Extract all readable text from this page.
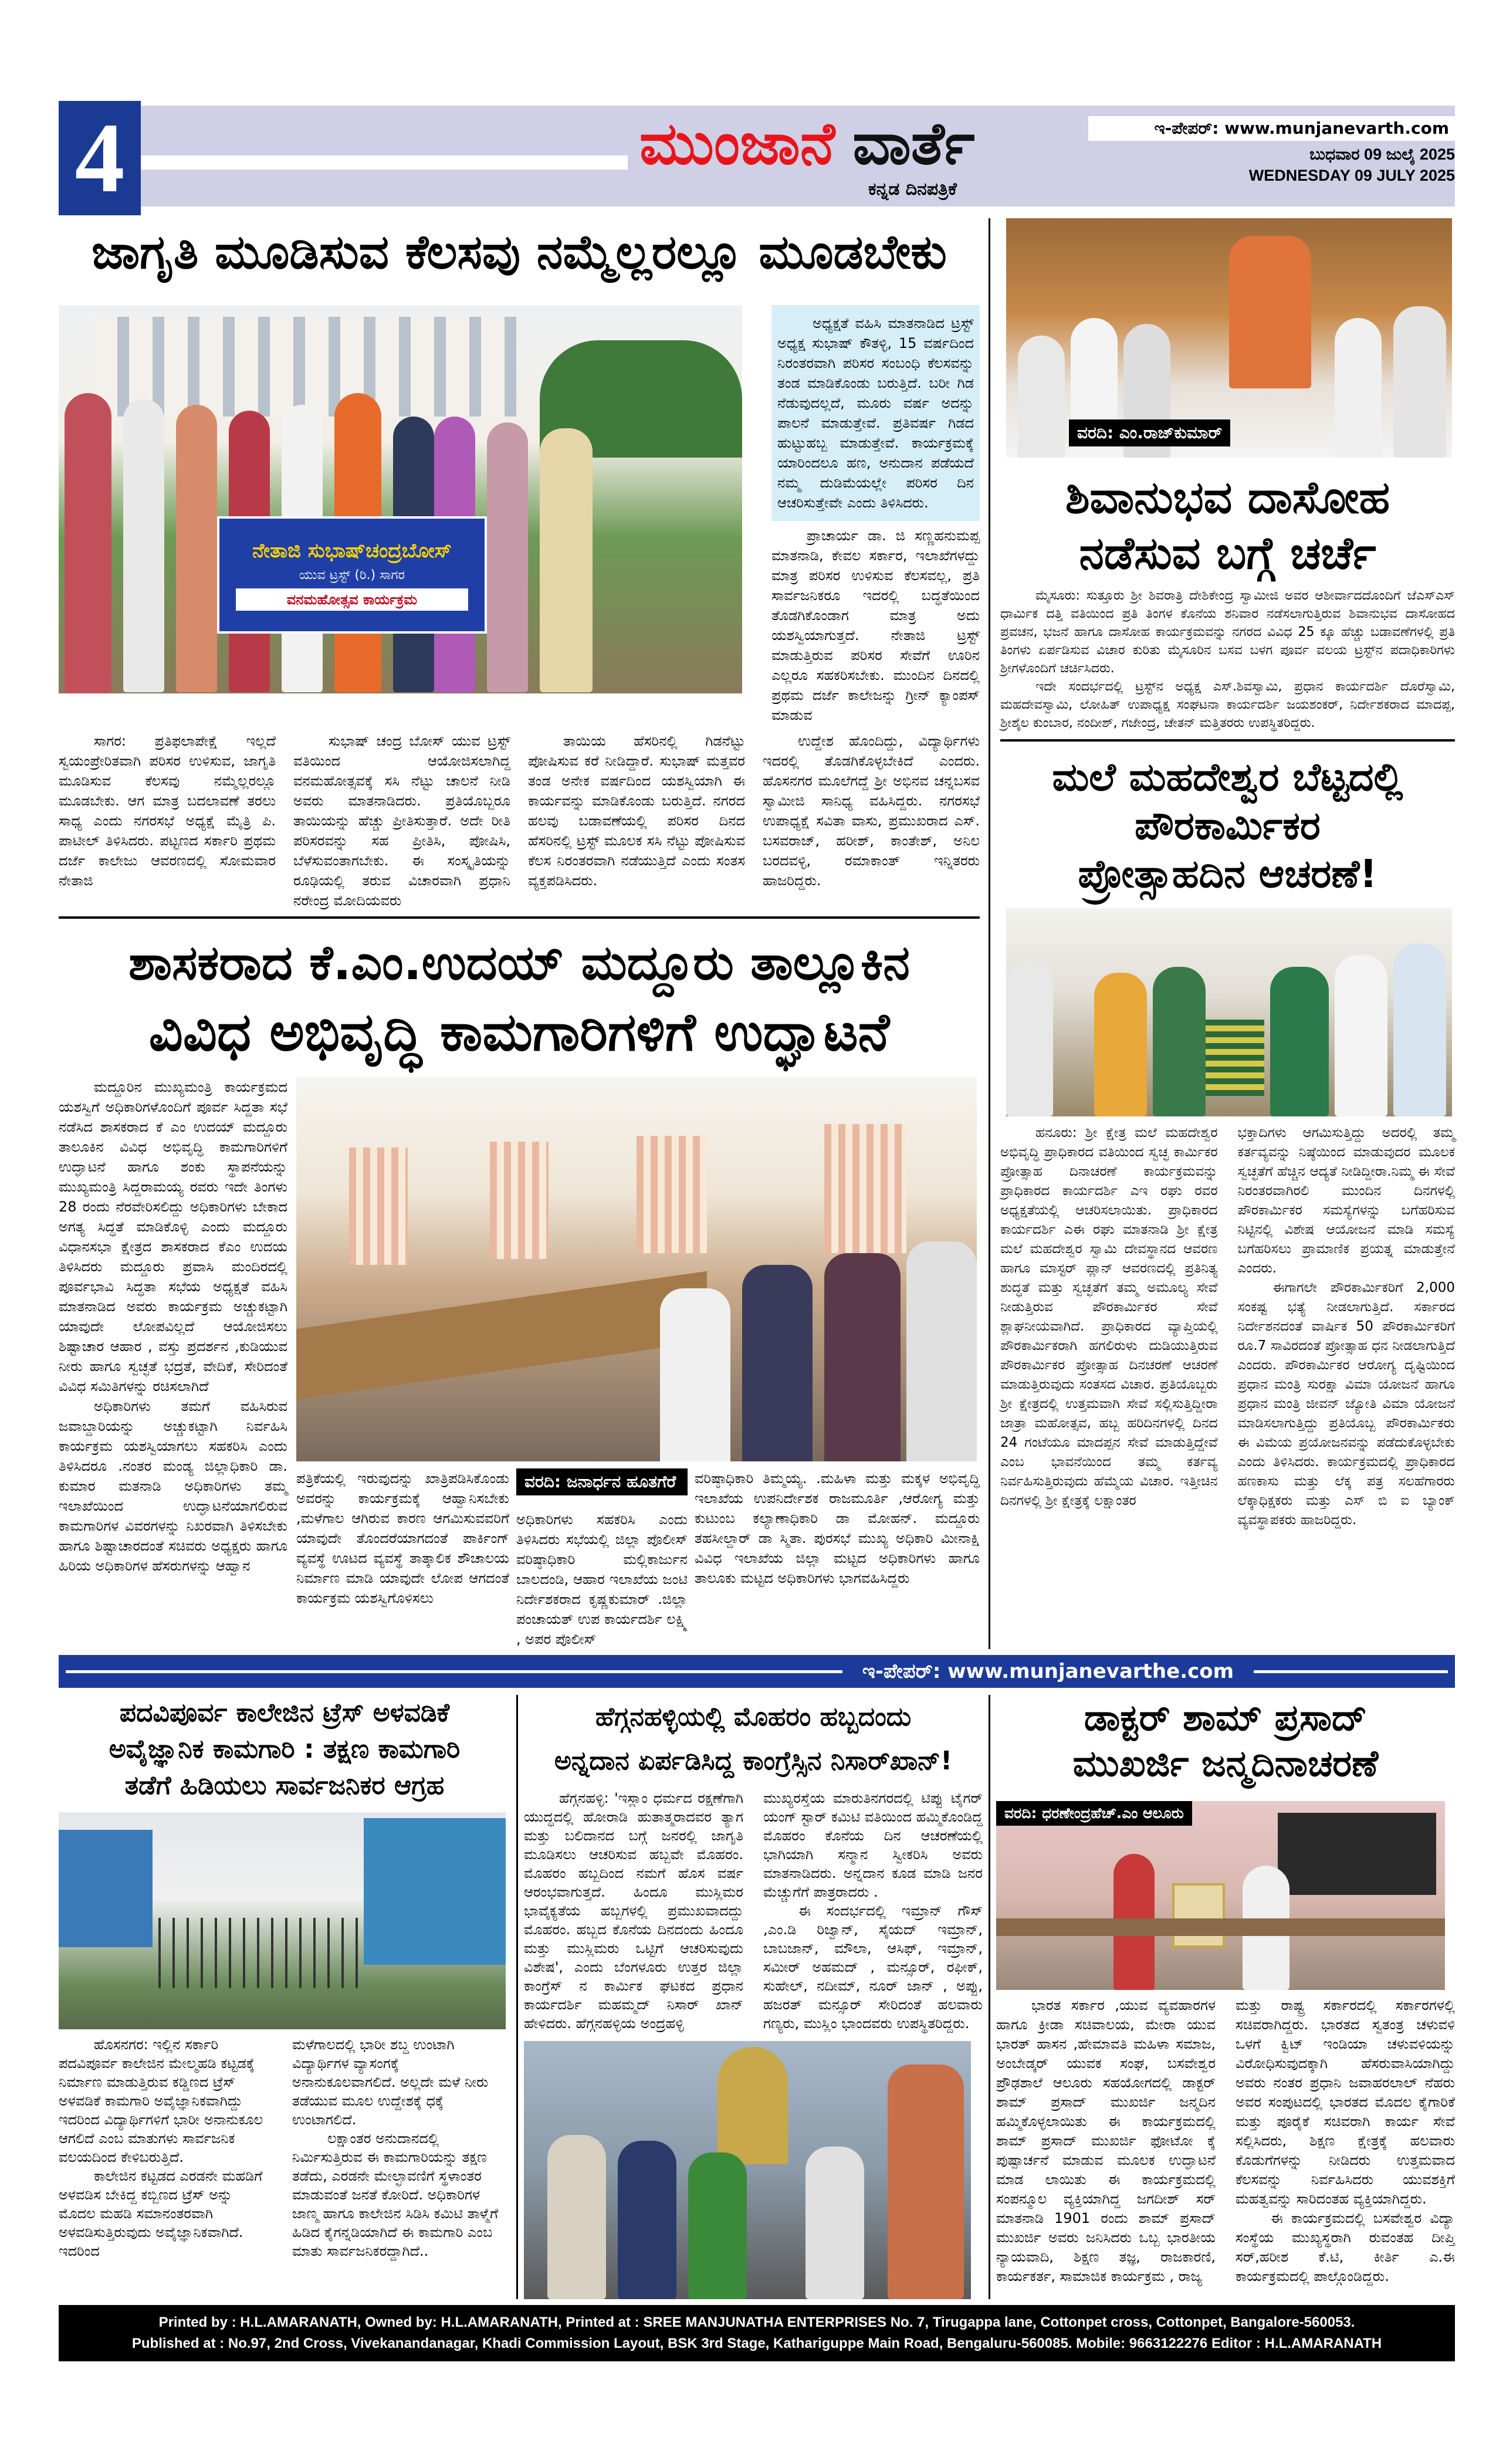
4	ಮುಂಜಾನೆ ವಾರ್ತೆ
ಕನ್ನಡ ದಿನಪತ್ರಿಕೆ
ಇ-ಪೇಪರ್: www.munjanevarth.com
ಬುಧವಾರ 09 ಜುಲೈ 2025
WEDNESDAY 09 JULY 2025
ಜಾಗೃತಿ ಮೂಡಿಸುವ ಕೆಲಸವು ನಮ್ಮೆಲ್ಲರಲ್ಲೂ ಮೂಡಬೇಕು
ನೇತಾಜಿ ಸುಭಾಷ್‌ಚಂದ್ರಬೋಸ್
ಯುವ ಟ್ರಸ್ಟ್ (ರಿ.) ಸಾಗರ
ವನಮಹೋತ್ಸವ ಕಾರ್ಯಕ್ರಮ

ಅಧ್ಯಕ್ಷತೆ ವಹಿಸಿ ಮಾತನಾಡಿದ ಟ್ರಸ್ಟ್ ಅಧ್ಯಕ್ಷ ಸುಭಾಷ್ ಕೌತಳ್ಳಿ, 15 ವರ್ಷದಿಂದ ನಿರಂತರವಾಗಿ ಪರಿಸರ ಸಂಬಂಧಿ ಕೆಲಸವನ್ನು ತಂಡ ಮಾಡಿಕೊಂಡು ಬರುತ್ತಿದೆ. ಬರೀ ಗಿಡ ನೆಡುವುದಲ್ಲದೆ, ಮೂರು ವರ್ಷ ಅದನ್ನು ಪಾಲನೆ ಮಾಡುತ್ತೇವೆ. ಪ್ರತಿವರ್ಷ ಗಿಡದ ಹುಟ್ಟುಹಬ್ಬ ಮಾಡುತ್ತೇವೆ. ಕಾರ್ಯಕ್ರಮಕ್ಕೆ ಯಾರಿಂದಲೂ ಹಣ, ಅನುದಾನ ಪಡೆಯದೆ ನಮ್ಮ ದುಡಿಮೆಯಲ್ಲೇ ಪರಿಸರ ದಿನ ಆಚರಿಸುತ್ತೇವೇ ಎಂದು ತಿಳಿಸಿದರು.

ಪ್ರಾಚಾರ್ಯ ಡಾ. ಜಿ ಸಣ್ಣಹನುಮಪ್ಪ ಮಾತನಾಡಿ, ಕೇವಲ ಸರ್ಕಾರ, ಇಲಾಖೆಗಳದ್ದು ಮಾತ್ರ ಪರಿಸರ ಉಳಿಸುವ ಕೆಲಸವಲ್ಲ, ಪ್ರತಿ ಸಾರ್ವಜನಿಕರೂ ಇದರಲ್ಲಿ ಬದ್ಧತೆಯಿಂದ ತೊಡಗಿಕೊಂಡಾಗ ಮಾತ್ರ ಅದು ಯಶಸ್ವಿಯಾಗುತ್ತದೆ. ನೇತಾಜಿ ಟ್ರಸ್ಟ್ ಮಾಡುತ್ತಿರುವ ಪರಿಸರ ಸೇವೆಗೆ ಊರಿನ ಎಲ್ಲರೂ ಸಹಕರಿಸಬೇಕು. ಮುಂದಿನ ದಿನದಲ್ಲಿ ಪ್ರಥಮ ದರ್ಜೆ ಕಾಲೇಜನ್ನು ಗ್ರೀನ್ ಕ್ಯಾಂಪಸ್ ಮಾಡುವ

ಸಾಗರ: ಪ್ರತಿಫಲಾಪೇಕ್ಷೆ ಇಲ್ಲದೆ ಸ್ವಯಂಪ್ರೇರಿತವಾಗಿ ಪರಿಸರ ಉಳಿಸುವ, ಜಾಗೃತಿ ಮೂಡಿಸುವ ಕೆಲಸವು ನಮ್ಮೆಲ್ಲರಲ್ಲೂ ಮೂಡಬೇಕು. ಆಗ ಮಾತ್ರ ಬದಲಾವಣೆ ತರಲು ಸಾಧ್ಯ ಎಂದು ನಗರಸಭೆ ಅಧ್ಯಕ್ಷೆ ಮೈತ್ರಿ ಪಿ. ಪಾಟೀಲ್ ತಿಳಿಸಿದರು. ಪಟ್ಟಣದ ಸರ್ಕಾರಿ ಪ್ರಥಮ ದರ್ಜೆ ಕಾಲೇಜು ಆವರಣದಲ್ಲಿ ಸೋಮವಾರ ನೇತಾಜಿ

ಸುಭಾಷ್ ಚಂದ್ರ ಬೋಸ್ ಯುವ ಟ್ರಸ್ಟ್ ವತಿಯಿಂದ ಆಯೋಜಿಸಲಾಗಿದ್ದ ವನಮಹೋತ್ಸವಕ್ಕೆ ಸಸಿ ನೆಟ್ಟು ಚಾಲನೆ ನೀಡಿ ಅವರು ಮಾತನಾಡಿದರು. ಪ್ರತಿಯೊಬ್ಬರೂ ತಾಯಿಯನ್ನು ಹೆಚ್ಚು ಪ್ರೀತಿಸುತ್ತಾರೆ. ಅದೇ ರೀತಿ ಪರಿಸರವನ್ನು ಸಹ ಪ್ರೀತಿಸಿ, ಪೋಷಿಸಿ, ಬೆಳೆಸುವಂತಾಗಬೇಕು. ಈ ಸಂಸ್ಕೃತಿಯನ್ನು ರೂಢಿಯಲ್ಲಿ ತರುವ ವಿಚಾರವಾಗಿ ಪ್ರಧಾನಿ ನರೇಂದ್ರ ಮೋದಿಯವರು

ತಾಯಿಯ ಹೆಸರಿನಲ್ಲಿ ಗಿಡನೆಟ್ಟು ಪೋಷಿಸುವ ಕರೆ ನೀಡಿದ್ದಾರೆ. ಸುಭಾಷ್ ಮತ್ತವರ ತಂಡ ಅನೇಕ ವರ್ಷದಿಂದ ಯಶಸ್ವಿಯಾಗಿ ಈ ಕಾರ್ಯವನ್ನು ಮಾಡಿಕೊಂಡು ಬರುತ್ತಿದೆ. ನಗರದ ಹಲವು ಬಡಾವಣೆಯಲ್ಲಿ ಪರಿಸರ ದಿನದ ಹೆಸರಿನಲ್ಲಿ ಟ್ರಸ್ಟ್ ಮೂಲಕ ಸಸಿ ನೆಟ್ಟು ಪೋಷಿಸುವ ಕೆಲಸ ನಿರಂತರವಾಗಿ ನಡೆಯುತ್ತಿದೆ ಎಂದು ಸಂತಸ ವ್ಯಕ್ತಪಡಿಸಿದರು.

ಉದ್ದೇಶ ಹೊಂದಿದ್ದು, ವಿದ್ಯಾರ್ಥಿಗಳು ಇದರಲ್ಲಿ ತೊಡಗಿಕೊಳ್ಳಬೇಕಿದೆ ಎಂದರು. ಹೊಸನಗರ ಮೂಲೆಗದ್ದೆ ಶ್ರೀ ಅಭಿನವ ಚನ್ನಬಸವ ಸ್ವಾಮೀಜಿ ಸಾನಿಧ್ಯ ವಹಿಸಿದ್ದರು. ನಗರಸಭೆ ಉಪಾಧ್ಯಕ್ಷೆ ಸವಿತಾ ವಾಸು, ಪ್ರಮುಖರಾದ ಎಸ್. ಬಸವರಾಜ್, ಹರೀಶ್, ಕಾಂತೇಶ್, ಅನಿಲ ಬರದವಳ್ಳಿ, ರಮಾಕಾಂತ್ ಇನ್ನಿತರರು ಹಾಜರಿದ್ದರು.

ಶಾಸಕರಾದ ಕೆ.ಎಂ.ಉದಯ್ ಮದ್ದೂರು ತಾಲ್ಲೂಕಿನ
ವಿವಿಧ ಅಭಿವೃದ್ಧಿ ಕಾಮಗಾರಿಗಳಿಗೆ ಉದ್ಘಾಟನೆ

ಮದ್ದೂರಿನ ಮುಖ್ಯಮಂತ್ರಿ ಕಾರ್ಯಕ್ರಮದ ಯಶಸ್ವಿಗೆ ಅಧಿಕಾರಿಗಳೊಂದಿಗೆ ಪೂರ್ವ ಸಿದ್ದತಾ ಸಭೆ ನಡೆಸಿದ ಶಾಸಕರಾದ ಕೆ ಎಂ ಉದಯ್ ಮದ್ದೂರು ತಾಲೂಕಿನ ವಿವಿಧ ಅಭಿವೃದ್ಧಿ ಕಾಮಗಾರಿಗಳಿಗೆ ಉದ್ಘಾಟನೆ ಹಾಗೂ ಶಂಕು ಸ್ಥಾಪನೆಯನ್ನು ಮುಖ್ಯಮಂತ್ರಿ ಸಿದ್ದರಾಮಯ್ಯ ರವರು ಇದೇ ತಿಂಗಳು 28 ರಂದು ನೆರವೇರಿಸಲಿದ್ದು ಅಧಿಕಾರಿಗಳು ಬೇಕಾದ ಅಗತ್ಯ ಸಿದ್ಧತೆ ಮಾಡಿಕೊಳ್ಳಿ ಎಂದು ಮದ್ದೂರು ವಿಧಾನಸಭಾ ಕ್ಷೇತ್ರದ ಶಾಸಕರಾದ ಕೆಎಂ ಉದಯ ತಿಳಿಸಿದರು ಮದ್ದೂರು ಪ್ರವಾಸಿ ಮಂದಿರದಲ್ಲಿ ಪೂರ್ವಭಾವಿ ಸಿದ್ಧತಾ ಸಭೆಯ ಅಧ್ಯಕ್ಷತೆ ವಹಿಸಿ ಮಾತನಾಡಿದ ಅವರು ಕಾರ್ಯಕ್ರಮ ಅಚ್ಚುಕಟ್ಟಾಗಿ ಯಾವುದೇ ಲೋಪವಿಲ್ಲದೆ ಆಯೋಜಿಸಲು ಶಿಷ್ಟಾಚಾರ ಆಹಾರ , ವಸ್ತು ಪ್ರದರ್ಶನ ,ಕುಡಿಯುವ ನೀರು ಹಾಗೂ ಸ್ವಚ್ಛತೆ ಭದ್ರತೆ, ವೇದಿಕೆ, ಸೇರಿದಂತೆ ವಿವಿಧ ಸಮಿತಿಗಳನ್ನು ರಚಿಸಲಾಗಿದೆ

ಅಧಿಕಾರಿಗಳು ತಮಗೆ ವಹಿಸಿರುವ ಜವಾಬ್ದಾರಿಯನ್ನು ಅಚ್ಚುಕಟ್ಟಾಗಿ ನಿರ್ವಹಿಸಿ ಕಾರ್ಯಕ್ರಮ ಯಶಸ್ವಿಯಾಗಲು ಸಹಕರಿಸಿ ಎಂದು ತಿಳಿಸಿದರೂ .ನಂತರ ಮಂಡ್ಯ ಜಿಲ್ಲಾಧಿಕಾರಿ ಡಾ. ಕುಮಾರ ಮತನಾಡಿ ಅಧಿಕಾರಿಗಳು ತಮ್ಮ ಇಲಾಖೆಯಿಂದ ಉದ್ಘಾಟನೆಯಾಗಲಿರುವ ಕಾಮಗಾರಿಗಳ ವಿವರಗಳನ್ನು ನಿಖರವಾಗಿ ತಿಳಿಸಬೇಕು ಹಾಗೂ ಶಿಷ್ಟಾಚಾರದಂತೆ ಸಚಿವರು ಅಧ್ಯಕ್ಷರು ಹಾಗೂ ಹಿರಿಯ ಅಧಿಕಾರಿಗಳ ಹೆಸರುಗಳನ್ನು ಆಹ್ವಾನ

ಪತ್ರಿಕೆಯಲ್ಲಿ ಇರುವುದನ್ನು ಖಾತ್ರಿಪಡಿಸಿಕೊಂಡು ಅವರನ್ನು ಕಾರ್ಯಕ್ರಮಕ್ಕೆ ಆಹ್ವಾನಿಸಬೇಕು ,ಮಳೆಗಾಲ ಆಗಿರುವ ಕಾರಣ ಆಗಮಿಸುವವರಿಗೆ ಯಾವುದೇ ತೊಂದರೆಯಾಗದಂತೆ ಪಾರ್ಕಿಂಗ್ ವ್ಯವಸ್ಥೆ ಊಟದ ವ್ಯವಸ್ಥೆ ತಾತ್ಕಾಲಿಕ ಶೌಚಾಲಯ ನಿರ್ಮಾಣ ಮಾಡಿ ಯಾವುದೇ ಲೋಪ ಆಗದಂತೆ ಕಾರ್ಯಕ್ರಮ ಯಶಸ್ವಿಗೊಳಿಸಲು

ವರದಿ: ಜನಾರ್ಧನ ಹೂತಗೆರೆ

ಅಧಿಕಾರಿಗಳು ಸಹಕರಿಸಿ ಎಂದು ತಿಳಿಸಿದರು ಸಭೆಯಲ್ಲಿ ಜಿಲ್ಲಾ ಪೊಲೀಸ್ ವರಿಷ್ಠಾಧಿಕಾರಿ ಮಲ್ಲಿಕಾರ್ಜುನ ಬಾಲದಂಡಿ, ಆಹಾರ ಇಲಾಖೆಯ ಜಂಟಿ ನಿರ್ದೇಶಕರಾದ ಕೃಷ್ಣಕುಮಾರ್ .ಜಿಲ್ಲಾ ಪಂಚಾಯತ್ ಉಪ ಕಾರ್ಯದರ್ಶಿ ಲಕ್ಷ್ಮಿ , ಅಪರ ಪೊಲೀಸ್

ವರಿಷ್ಠಾಧಿಕಾರಿ ತಿಮ್ಮಯ್ಯ. .ಮಹಿಳಾ ಮತ್ತು ಮಕ್ಕಳ ಅಭಿವೃದ್ಧಿ ಇಲಾಖೆಯ ಉಪನಿರ್ದೇಶಕ ರಾಜಮೂರ್ತಿ ,ಆರೋಗ್ಯ ಮತ್ತು ಕುಟುಂಬ ಕಲ್ಯಾಣಾಧಿಕಾರಿ ಡಾ ಮೋಹನ್. ಮದ್ದೂರು ತಹಸೀಲ್ದಾರ್ ಡಾ ಸ್ಮಿತಾ. ಪುರಸಭೆ ಮುಖ್ಯ ಅಧಿಕಾರಿ ಮೀನಾಕ್ಷಿ ವಿವಿಧ ಇಲಾಖೆಯ ಜಿಲ್ಲಾ ಮಟ್ಟದ ಅಧಿಕಾರಿಗಳು ಹಾಗೂ ತಾಲೂಕು ಮಟ್ಟದ ಅಧಿಕಾರಿಗಳು ಭಾಗವಹಿಸಿದ್ದರು

ವರದಿ: ಎಂ.ರಾಜ್‌ಕುಮಾರ್
ಶಿವಾನುಭವ ದಾಸೋಹ
ನಡೆಸುವ ಬಗ್ಗೆ ಚರ್ಚೆ

ಮೈಸೂರು: ಸುತ್ತೂರು ಶ್ರೀ ಶಿವರಾತ್ರಿ ದೇಶಿಕೇಂದ್ರ ಸ್ವಾಮೀಜಿ ಅವರ ಆಶೀರ್ವಾದದೊಂದಿಗೆ ಜೆಎಸ್‌ಎಸ್ ಧಾರ್ಮಿಕ ದತ್ತಿ ವತಿಯಿಂದ ಪ್ರತಿ ತಿಂಗಳ ಕೊನೆಯ ಶನಿವಾರ ನಡೆಸಲಾಗುತ್ತಿರುವ ಶಿವಾನುಭವ ದಾಸೋಹದ ಪ್ರವಚನ, ಭಜನೆ ಹಾಗೂ ದಾಸೋಹ ಕಾರ್ಯಕ್ರಮವನ್ನು ನಗರದ ವಿವಿಧ 25 ಕ್ಕೂ ಹೆಚ್ಚು ಬಡಾವಣೆಗಳಲ್ಲಿ ಪ್ರತಿ ತಿಂಗಳು ಏರ್ಪಡಿಸುವ ವಿಚಾರ ಕುರಿತು ಮೈಸೂರಿನ ಬಸವ ಬಳಗ ಪೂರ್ವ ವಲಯ ಟ್ರಸ್ಟ್‌ನ ಪದಾಧಿಕಾರಿಗಳು ಶ್ರೀಗಳೊಂದಿಗೆ ಚರ್ಚಿಸಿದರು.

ಇದೇ ಸಂದರ್ಭದಲ್ಲಿ ಟ್ರಸ್ಟ್‌ನ ಅಧ್ಯಕ್ಷ ಎಸ್.ಶಿವಸ್ವಾಮಿ, ಪ್ರಧಾನ ಕಾರ್ಯದರ್ಶಿ ದೊರೆಸ್ವಾಮಿ, ಮಹದೇವಸ್ವಾಮಿ, ಲೋಹಿತ್ ಉಪಾಧ್ಯಕ್ಷ ಸಂಘಟನಾ ಕಾರ್ಯದರ್ಶಿ ಜಯಶಂಕರ್, ನಿರ್ದೇಶಕರಾದ ಮಾದಪ್ಪ, ಶ್ರೀಶೈಲ ಕುಂಬಾರ, ನಂದೀಶ್, ಗಜೇಂದ್ರ, ಚೇತನ್ ಮತ್ತಿತರರು ಉಪಸ್ಥಿತರಿದ್ದರು.

ಮಲೆ ಮಹದೇಶ್ವರ ಬೆಟ್ಟದಲ್ಲಿ
ಪೌರಕಾರ್ಮಿಕರ
ಪ್ರೋತ್ಸಾಹದಿನ ಆಚರಣೆ!

ಹನೂರು: ಶ್ರೀ ಕ್ಷೇತ್ರ ಮಲೆ ಮಹದೇಶ್ವರ ಅಭಿವೃದ್ಧಿ ಪ್ರಾಧಿಕಾರದ ವತಿಯಿಂದ ಸ್ವಚ್ಛ ಕಾರ್ಮಿಕರ ಪ್ರೋತ್ಸಾಹ ದಿನಾಚರಣೆ ಕಾರ್ಯಕ್ರಮವನ್ನು ಪ್ರಾಧಿಕಾರದ ಕಾರ್ಯದರ್ಶಿ ಎಇ ರಘು ರವರ ಅಧ್ಯಕ್ಷತೆಯಲ್ಲಿ ಆಚರಿಸಲಾಯಿತು. ಪ್ರಾಧಿಕಾರದ ಕಾರ್ಯದರ್ಶಿ ಎಈ ರಘು ಮಾತನಾಡಿ ಶ್ರೀ ಕ್ಷೇತ್ರ ಮಲೆ ಮಹದೇಶ್ವರ ಸ್ವಾಮಿ ದೇವಸ್ಥಾನದ ಆವರಣ ಹಾಗೂ ಮಾಸ್ಟರ್ ಪ್ಲಾನ್ ಆವರಣದಲ್ಲಿ ಪ್ರತಿನಿತ್ಯ ಶುದ್ಧತೆ ಮತ್ತು ಸ್ವಚ್ಛತೆಗೆ ತಮ್ಮ ಅಮೂಲ್ಯ ಸೇವೆ ನೀಡುತ್ತಿರುವ ಪೌರಕಾರ್ಮಿಕರ ಸೇವೆ ಶ್ಲಾಘನೀಯವಾಗಿದೆ. ಪ್ರಾಧಿಕಾರದ ವ್ಯಾಪ್ತಿಯಲ್ಲಿ ಪೌರಕಾರ್ಮಿಕರಾಗಿ ಹಗಲಿರುಳು ದುಡಿಯುತ್ತಿರುವ ಪೌರಕಾರ್ಮಿಕರ ಪ್ರೋತ್ಸಾಹ ದಿನಚರಣೆ ಆಚರಣೆ ಮಾಡುತ್ತಿರುವುದು ಸಂತಸದ ವಿಚಾರ. ಪ್ರತಿಯೊಬ್ಬರು ಶ್ರೀ ಕ್ಷೇತ್ರದಲ್ಲಿ ಉತ್ತಮವಾಗಿ ಸೇವೆ ಸಲ್ಲಿಸುತ್ತಿದ್ದೀರಾ ಜಾತ್ರಾ ಮಹೋತ್ಸವ, ಹಬ್ಬ ಹರಿದಿನಗಳಲ್ಲಿ ದಿನದ 24 ಗಂಟೆಯೂ ಮಾದಪ್ಪನ ಸೇವೆ ಮಾಡುತ್ತಿದ್ದೇವೆ ಎಂಬ ಭಾವನೆಯಿಂದ ತಮ್ಮ ಕರ್ತವ್ಯ ನಿರ್ವಹಿಸುತ್ತಿರುವುದು ಹೆಮ್ಮೆಯ ವಿಚಾರ. ಇತ್ತೀಚಿನ ದಿನಗಳಲ್ಲಿ ಶ್ರೀ ಕ್ಷೇತ್ರಕ್ಕೆ ಲಕ್ಷಾಂತರ

ಭಕ್ತಾದಿಗಳು ಆಗಮಿಸುತ್ತಿದ್ದು ಅದರಲ್ಲಿ ತಮ್ಮ ಕರ್ತವ್ಯವನ್ನು ನಿಷ್ಠೆಯಿಂದ ಮಾಡುವುದರ ಮೂಲಕ ಸ್ವಚ್ಛತೆಗೆ ಹೆಚ್ಚಿನ ಆದ್ಯತೆ ನೀಡಿದ್ದೀರಾ.ನಿಮ್ಮ ಈ ಸೇವೆ ನಿರಂತರವಾಗಿರಲಿ ಮುಂದಿನ ದಿನಗಳಲ್ಲಿ ಪೌರಕಾರ್ಮಿಕರ ಸಮಸ್ಯೆಗಳನ್ನು ಬಗೆಹರಿಸುವ ನಿಟ್ಟಿನಲ್ಲಿ ವಿಶೇಷ ಆಯೋಜನೆ ಮಾಡಿ ಸಮಸ್ಯೆ ಬಗೆಹರಿಸಲು ಪ್ರಾಮಾಣಿಕ ಪ್ರಯತ್ನ ಮಾಡುತ್ತೇನೆ ಎಂದರು.

ಈಗಾಗಲೇ ಪೌರಕಾರ್ಮಿಕರಿಗೆ 2,000 ಸಂಕಷ್ಟ ಭತ್ಯೆ ನೀಡಲಾಗುತ್ತಿದೆ. ಸರ್ಕಾರದ ನಿರ್ದೇಶನದಂತೆ ವಾರ್ಷಿಕ 50 ಪೌರಕಾರ್ಮಿಕರಿಗೆ ರೂ.7 ಸಾವಿರದಂತೆ ಪ್ರೋತ್ಸಾಹ ಧನ ನೀಡಲಾಗುತ್ತಿದೆ ಎಂದರು. ಪೌರಕಾರ್ಮಿಕರ ಆರೋಗ್ಯ ದೃಷ್ಟಿಯಿಂದ ಪ್ರಧಾನ ಮಂತ್ರಿ ಸುರಕ್ಷಾ ವಿಮಾ ಯೋಜನೆ ಹಾಗೂ ಪ್ರಧಾನ ಮಂತ್ರಿ ಜೀವನ್ ಜ್ಯೋತಿ ವಿಮಾ ಯೋಜನೆ ಮಾಡಿಸಲಾಗುತ್ತಿದ್ದು ಪ್ರತಿಯೊಬ್ಬ ಪೌರಕಾರ್ಮಿಕರು ಈ ವಿಮೆಯ ಪ್ರಯೋಜನವನ್ನು ಪಡೆದುಕೊಳ್ಳಬೇಕು ಎಂದು ತಿಳಿಸಿದರು. ಕಾರ್ಯಕ್ರಮದಲ್ಲಿ ಪ್ರಾಧಿಕಾರದ ಹಣಕಾಸು ಮತ್ತು ಲೆಕ್ಕ ಪತ್ರ ಸಲಹೆಗಾರರು ಲೆಕ್ಕಾಧಿಕ್ಷಕರು ಮತ್ತು ಎಸ್ ಬಿ ಐ ಬ್ಯಾಂಕ್ ವ್ಯವಸ್ಥಾಪಕರು ಹಾಜರಿದ್ದರು.

ಇ-ಪೇಪರ್: www.munjanevarthe.com
ಪದವಿಪೂರ್ವ ಕಾಲೇಜಿನ ಟ್ರೆಸ್ ಅಳವಡಿಕೆ
ಅವೈಜ್ಞಾನಿಕ ಕಾಮಗಾರಿ : ತಕ್ಷಣ ಕಾಮಗಾರಿ
ತಡೆಗೆ ಹಿಡಿಯಲು ಸಾರ್ವಜನಿಕರ ಆಗ್ರಹ

ಹೊಸನಗರ: ಇಲ್ಲಿನ ಸರ್ಕಾರಿ ಪದವಿಪೂರ್ವ ಕಾಲೇಜಿನ ಮೇಲ್ಮಹಡಿ ಕಟ್ಟಡಕ್ಕೆ ನಿರ್ಮಾಣ ಮಾಡುತ್ತಿರುವ ಕಡ್ಡಿಣದ ಟ್ರೆಸ್ ಅಳವಡಿಕೆ ಕಾಮಗಾರಿ ಅವೈಜ್ಞಾನಿಕವಾಗಿದ್ದು ಇದರಿಂದ ವಿದ್ಯಾರ್ಥಿಗಳಿಗೆ ಭಾರೀ ಅನಾನುಕೂಲ ಆಗಲಿದೆ ಎಂಬ ಮಾತುಗಳು ಸಾರ್ವಜನಿಕ ವಲಯದಿಂದ ಕೇಳಿಬರುತ್ತಿದೆ.

ಕಾಲೇಜಿನ ಕಟ್ಟಡದ ಎರಡನೇ ಮಹಡಿಗೆ ಅಳವಡಿಸ ಬೇಕಿದ್ದ ಕಬ್ಬಿಣದ ಟ್ರೆಸ್ ಅನ್ನು ಮೊದಲ ಮಹಡಿ ಸಮಾನಂತರವಾಗಿ ಅಳವಡಿಸುತ್ತಿರುವುದು ಅವೈಜ್ಞಾನಿಕವಾಗಿದೆ. ಇದರಿಂದ

ಮಳೆಗಾಲದಲ್ಲಿ ಭಾರೀ ಶಬ್ದ ಉಂಟಾಗಿ ವಿದ್ಯಾರ್ಥಿಗಳ ವ್ಯಾಸಂಗಕ್ಕೆ ಅನಾನುಕೂಲವಾಗಲಿದೆ. ಅಲ್ಲದೇ ಮಳೆ ನೀರು ತಡೆಯುವ ಮೂಲ ಉದ್ದೇಶಕ್ಕೆ ಧಕ್ಕೆ ಉಂಟಾಗಲಿದೆ.

ಲಕ್ಷಾಂತರ ಅನುದಾನದಲ್ಲಿ ನಿರ್ಮಿಸುತ್ತಿರುವ ಈ ಕಾಮಗಾರಿಯನ್ನು ತಕ್ಷಣ ತಡೆದು, ಎರಡನೇ ಮೇಲ್ಛಾವಣಿಗೆ ಸ್ಥಳಾಂತರ ಮಾಡುವಂತೆ ಜನತೆ ಕೋರಿದೆ. ಅಧಿಕಾರಿಗಳ ಜಾಣ್ಮ ಹಾಗೂ ಕಾಲೇಜಿನ ಸಿಡಿಸಿ ಕಮಿಟಿ ತಾಳ್ಮೆಗೆ ಹಿಡಿದ ಕೈಗನ್ನಡಿಯಾಗಿದೆ ಈ ಕಾಮಗಾರಿ ಎಂಬ ಮಾತು ಸಾರ್ವಜನಿಕರದ್ದಾಗಿದೆ..

ಹೆಗ್ಗನಹಳ್ಳಿಯಲ್ಲಿ ಮೊಹರಂ ಹಬ್ಬದಂದು
ಅನ್ನದಾನ ಏರ್ಪಡಿಸಿದ್ದ ಕಾಂಗ್ರೆಸ್ಸಿನ ನಿಸಾರ್‌ಖಾನ್!

ಹೆಗ್ಗನಹಳ್ಳಿ: 'ಇಸ್ಲಾಂ ಧರ್ಮದ ರಕ್ಷಣೆಗಾಗಿ ಯುದ್ಧದಲ್ಲಿ ಹೋರಾಡಿ ಹುತಾತ್ಮರಾದವರ ತ್ಯಾಗ ಮತ್ತು ಬಲಿದಾನದ ಬಗ್ಗೆ ಜನರಲ್ಲಿ ಜಾಗೃತಿ ಮೂಡಿಸಲು ಆಚರಿಸುವ ಹಬ್ಬವೇ ಮೊಹರಂ. ಮೊಹರಂ ಹಬ್ಬದಿಂದ ನಮಗೆ ಹೊಸ ವರ್ಷ ಆರಂಭವಾಗುತ್ತದೆ. ಹಿಂದೂ ಮುಸ್ಲಿಮರ ಭಾವೈಕ್ಯತೆಯ ಹಬ್ಬಗಳಲ್ಲಿ ಪ್ರಮುಖವಾದದ್ದು ಮೊಹರಂ. ಹಬ್ಬದ ಕೊನೆಯ ದಿನದಂದು ಹಿಂದೂ ಮತ್ತು ಮುಸ್ಲಿಮರು ಒಟ್ಟಿಗೆ ಆಚರಿಸುವುದು ವಿಶೇಷ', ಎಂದು ಬೆಂಗಳೂರು ಉತ್ತರ ಜಿಲ್ಲಾ ಕಾಂಗ್ರೆಸ್ ನ ಕಾರ್ಮಿಕ ಘಟಕದ ಪ್ರಧಾನ ಕಾರ್ಯದರ್ಶಿ ಮಹಮ್ಮದ್ ನಿಸಾರ್ ಖಾನ್ ಹೇಳಿದರು. ಹೆಗ್ಗನಹಳ್ಳಿಯ ಅಂದ್ರಹಳ್ಳಿ

ಮುಖ್ಯರಸ್ತೆಯ ಮಾರುತಿನಗರದಲ್ಲಿ ಟಿಪ್ಪು ಟೈಗರ್ ಯಂಗ್ ಸ್ಟಾರ್ ಕಮಿಟಿ ವತಿಯಿಂದ ಹಮ್ಮಿಕೊಂಡಿದ್ದ ಮೊಹರಂ ಕೊನೆಯ ದಿನ ಆಚರಣೆಯಲ್ಲಿ ಭಾಗಿಯಾಗಿ ಸನ್ಮಾನ ಸ್ವೀಕರಿಸಿ ಅವರು ಮಾತನಾಡಿದರು. ಅನ್ನದಾನ ಕೂಡ ಮಾಡಿ ಜನರ ಮೆಚ್ಚುಗೆಗೆ ಪಾತ್ರರಾದರು .

ಈ ಸಂದರ್ಭದಲ್ಲಿ ಇಮ್ರಾನ್ ಗೌಸ್ ,ಎಂ.ಡಿ ರಿಜ್ವಾನ್, ಸೈಯದ್ ಇಮ್ರಾನ್, ಬಾಬಜಾನ್, ಮೌಲಾ, ಆಸಿಫ್, ಇಮ್ರಾನ್, ಸಮೀರ್ ಅಹಮದ್ , ಮನ್ಸೂರ್, ರಫೀಕ್, ಸುಹೇಲ್, ನದೀಮ್, ನೂರ್ ಜಾನ್ , ಅಪ್ಪು, ಹಜರತ್ ಮನ್ಸೂರ್ ಸೇರಿದಂತೆ ಹಲವಾರು ಗಣ್ಯರು, ಮುಸ್ಲಿಂ ಭಾಂದವರು ಉಪಸ್ಥಿತರಿದ್ದರು.

ಡಾಕ್ಟರ್ ಶಾಮ್ ಪ್ರಸಾದ್
ಮುಖರ್ಜಿ ಜನ್ಮದಿನಾಚರಣೆ
ವರದಿ: ಧರಣೇಂದ್ರಹೆಚ್.ಎಂ ಆಲೂರು

ಭಾರತ ಸರ್ಕಾರ ,ಯುವ ವ್ಯವಹಾರಗಳ ಹಾಗೂ ಕ್ರೀಡಾ ಸಚಿವಾಲಯ, ಮೇರಾ ಯುವ ಭಾರತ್ ಹಾಸನ ,ಹೇಮಾವತಿ ಮಹಿಳಾ ಸಮಾಜ, ಅಂಬೇಡ್ಕರ್ ಯುವಕ ಸಂಘ, ಬಸವೇಶ್ವರ ಪ್ರೌಢಶಾಲೆ ಆಲೂರು ಸಹಯೋಗದಲ್ಲಿ ಡಾಕ್ಟರ್ ಶಾಮ್ ಪ್ರಸಾದ್ ಮುಖರ್ಜಿ ಜನ್ಮದಿನ ಹಮ್ಮಿಕೊಳ್ಳಲಾಯಿತು ಈ ಕಾರ್ಯಕ್ರಮದಲ್ಲಿ ಶಾಮ್ ಪ್ರಸಾದ್ ಮುಖರ್ಜಿ ಫೋಟೋ ಕ್ಕೆ ಪುಷ್ಪಾರ್ಚನೆ ಮಾಡುವ ಮೂಲಕ ಉದ್ಘಾಟನೆ ಮಾಡ ಲಾಯಿತು ಈ ಕಾರ್ಯಕ್ರಮದಲ್ಲಿ ಸಂಪನ್ಮೂಲ ವ್ಯಕ್ತಿಯಾಗಿದ್ದ ಜಗದೀಶ್ ಸರ್ ಮಾತನಾಡಿ 1901 ರಂದು ಶಾಮ್ ಪ್ರಸಾದ್ ಮುಖರ್ಜಿ ಅವರು ಜನಿಸಿದರು ಒಬ್ಬ ಭಾರತೀಯ ನ್ಯಾಯವಾದಿ, ಶಿಕ್ಷಣ ತಜ್ಞ, ರಾಜಕಾರಣಿ, ಕಾರ್ಯಕರ್ತ, ಸಾಮಾಜಿಕ ಕಾರ್ಯಕ್ರಮ , ರಾಜ್ಯ

ಮತ್ತು ರಾಷ್ಟ್ರ ಸರ್ಕಾರದಲ್ಲಿ ಸರ್ಕಾರಗಳಲ್ಲಿ ಸಚಿವರಾಗಿದ್ದರು. ಭಾರತದ ಸ್ವತಂತ್ರ ಚಳುವಳಿ ಒಳಗೆ ಕ್ವಿಟ್ ಇಂಡಿಯಾ ಚಳುವಳಿಯನ್ನು ವಿರೋಧಿಸುವುದಕ್ಕಾಗಿ ಹೆಸರುವಾಸಿಯಾಗಿದ್ದು ಅವರು ನಂತರ ಪ್ರಧಾನಿ ಜವಾಹರಲಾಲ್ ನೆಹರು ಅವರ ಸಂಪುಟದಲ್ಲಿ ಭಾರತದ ಮೊದಲ ಕೈಗಾರಿಕೆ ಮತ್ತು ಪೂರೈಕೆ ಸಚಿವರಾಗಿ ಕಾರ್ಯ ಸೇವೆ ಸಲ್ಲಿಸಿದರು, ಶಿಕ್ಷಣ ಕ್ಷೇತ್ರಕ್ಕೆ ಹಲವಾರು ಕೊಡುಗೆಗಳನ್ನು ನೀಡಿದರು ಉತ್ತಮವಾದ ಕೆಲಸವನ್ನು ನಿರ್ವಹಿಸಿದರು ಯುವಶಕ್ತಿಗೆ ಮಹತ್ವವನ್ನು ಸಾರಿದಂತಹ ವ್ಯಕ್ತಿಯಾಗಿದ್ದರು.

ಈ ಕಾರ್ಯಕ್ರಮದಲ್ಲಿ ಬಸವೇಶ್ವರ ವಿದ್ಯಾ ಸಂಸ್ಥೆಯ ಮುಖ್ಯಸ್ಥರಾಗಿ ರುವಂತಹ ದೀಪ್ತಿ ಸರ್,ಹರೀಶ ಕೆ.ಟಿ, ಕೀರ್ತಿ ಎ.ಈ ಕಾರ್ಯಕ್ರಮದಲ್ಲಿ ಪಾಲ್ಗೊಂಡಿದ್ದರು.

Printed by : H.L.AMARANATH, Owned by: H.L.AMARANATH, Printed at : SREE MANJUNATHA ENTERPRISES No. 7, Tirugappa lane, Cottonpet cross, Cottonpet, Bangalore-560053.
Published at : No.97, 2nd Cross, Vivekanandanagar, Khadi Commission Layout, BSK 3rd Stage, Kathariguppe Main Road, Bengaluru-560085. Mobile: 9663122276 Editor : H.L.AMARANATH
